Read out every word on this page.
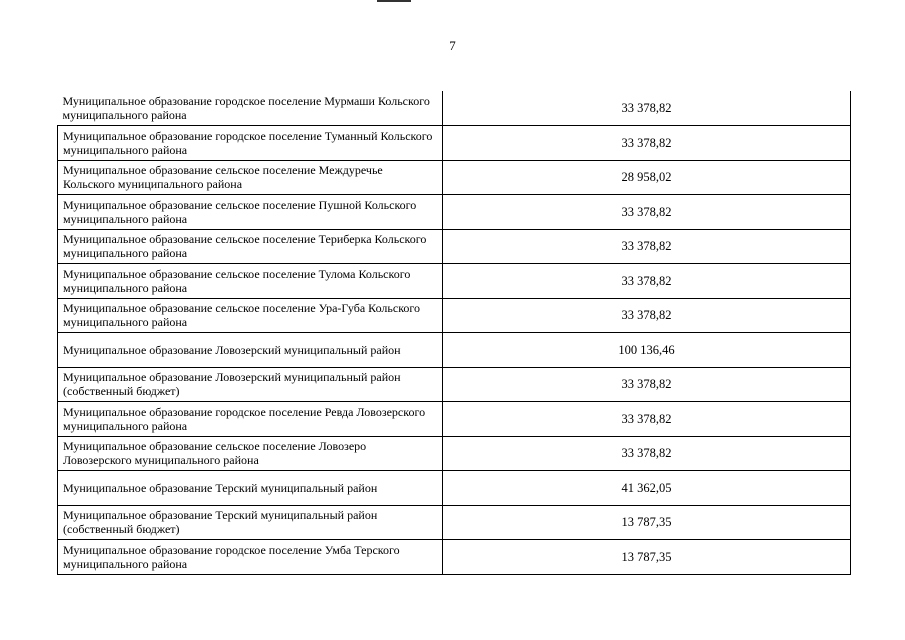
7
Муниципальное образование городское поселение Мурмаши Кольского муниципального района	33 378,82
Муниципальное образование городское поселение Туманный Кольского муниципального района	33 378,82
Муниципальное образование сельское поселение Междуречье Кольского муниципального района	28 958,02
Муниципальное образование сельское поселение Пушной Кольского муниципального района	33 378,82
Муниципальное образование сельское поселение Териберка Кольского муниципального района	33 378,82
Муниципальное образование сельское поселение Тулома Кольского муниципального района	33 378,82
Муниципальное образование сельское поселение Ура-Губа Кольского муниципального района	33 378,82
Муниципальное образование Ловозерский муниципальный район	100 136,46
Муниципальное образование Ловозерский муниципальный район (собственный бюджет)	33 378,82
Муниципальное образование городское поселение Ревда Ловозерского муниципального района	33 378,82
Муниципальное образование сельское поселение Ловозеро Ловозерского муниципального района	33 378,82
Муниципальное образование Терский муниципальный район	41 362,05
Муниципальное образование Терский муниципальный район (собственный бюджет)	13 787,35
Муниципальное образование городское поселение Умба Терского муниципального района	13 787,35
